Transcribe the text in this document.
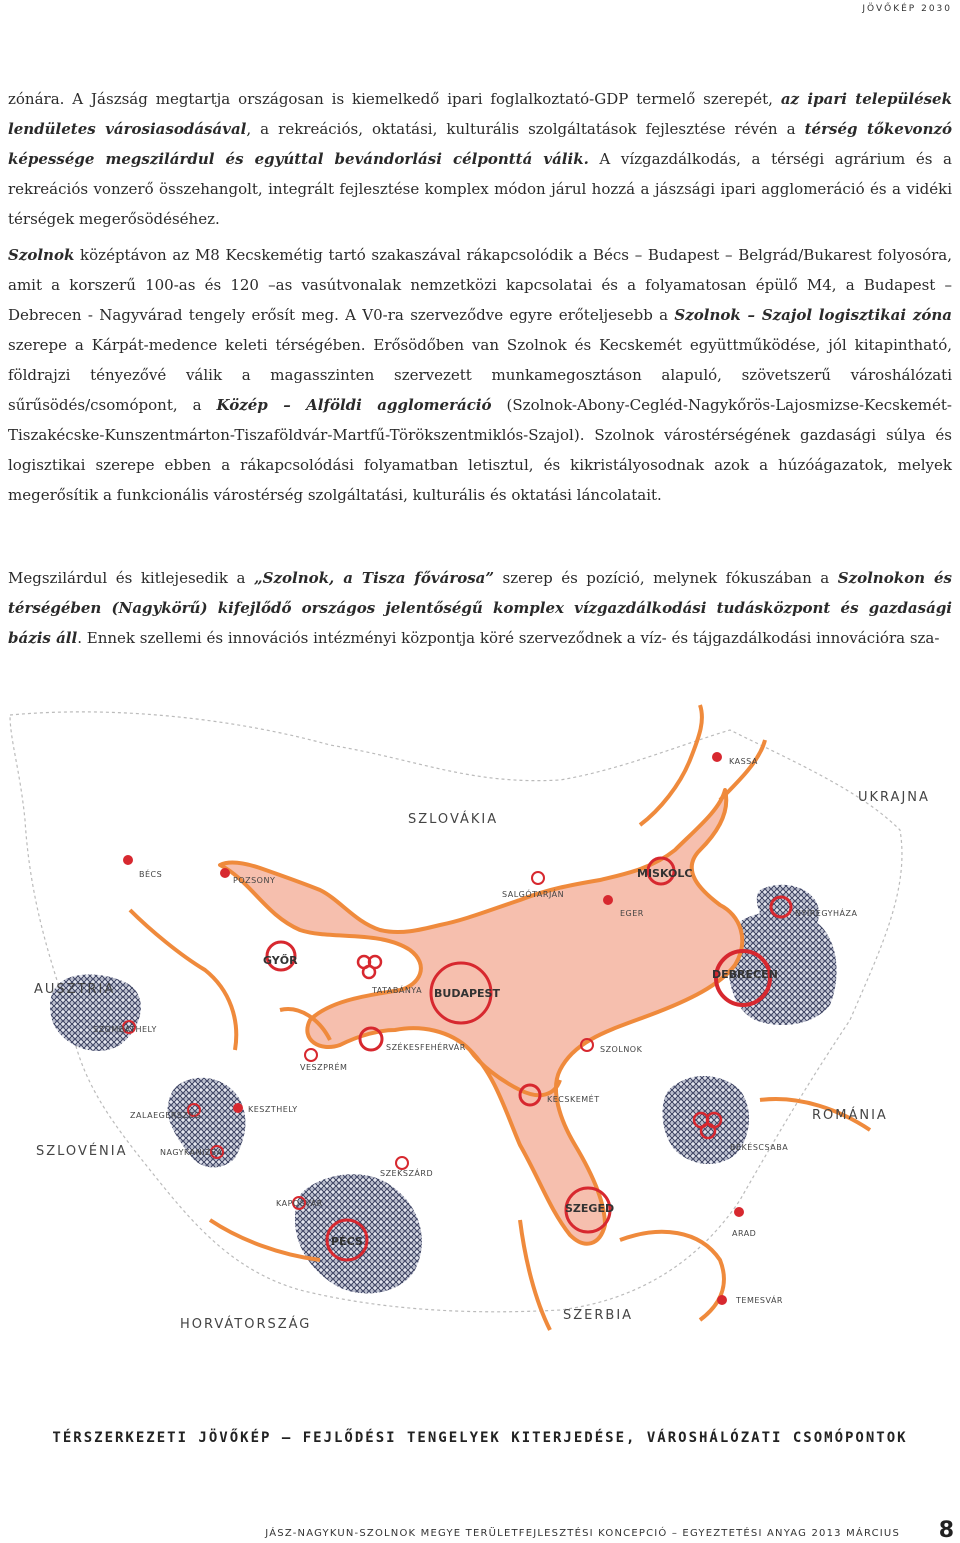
JÖVŐKÉP 2030
zónára. A Jászság megtartja országosan is kiemelkedő ipari foglalkoztató-GDP termelő szerepét, az ipari települések lendületes városiasodásával, a rekreációs, oktatási, kulturális szolgáltatások fejlesztése révén a térség tőkevonzó képessége megszilárdul és egyúttal bevándorlási célponttá válik. A vízgazdálkodás, a térségi agrárium és a rekreációs vonzerő összehangolt, integrált fejlesztése komplex módon járul hozzá a jászsági ipari agglomeráció és a vidéki térségek megerősödéséhez.
Szolnok középtávon az M8 Kecskemétig tartó szakaszával rákapcsolódik a Bécs – Budapest – Belgrád/Bukarest folyosóra, amit a korszerű 100-as és 120 –as vasútvonalak nemzetközi kapcsolatai és a folyamatosan épülő M4, a Budapest – Debrecen - Nagyvárad tengely erősít meg. A V0-ra szerveződve egyre erőteljesebb a Szolnok – Szajol logisztikai zóna szerepe a Kárpát-medence keleti térségében. Erősödőben van Szolnok és Kecskemét együttműködése, jól kitapintható, földrajzi tényezővé válik a magasszinten szervezett munkamegosztáson alapuló, szövetszerű városhálózati sűrűsödés/csomópont, a Közép – Alföldi agglomeráció (Szolnok-Abony-Cegléd-Nagykőrös-Lajosmizse-Kecskemét-Tiszakécske-Kunszentmárton-Tiszaföldvár-Martfű-Törökszentmiklós-Szajol). Szolnok várostérségének gazdasági súlya és logisztikai szerepe ebben a rákapcsolódási folyamatban letisztul, és kikristályosodnak azok a húzóágazatok, melyek megerősítik a funkcionális várostérség szolgáltatási, kulturális és oktatási láncolatait.
Megszilárdul és kitlejesedik a „Szolnok, a Tisza fővárosa” szerep és pozíció, melynek fókuszában a Szolnokon és térségében (Nagykörű) kifejlődő országos jelentőségű komplex vízgazdálkodási tudásközpont és gazdasági bázis áll. Ennek szellemi és innovációs intézményi központja köré szerveződnek a víz- és tájgazdálkodási innovációra sza-
SZLOVÁKIA
UKRAJNA
AUSZTRIA
ROMÁNIA
SZLOVÉNIA
HORVÁTORSZÁG
SZERBIA
KASSA
BÉCS
POZSONY
SALGÓTARJÁN
EGER	NYÍREGYHÁZA
TATABÁNYA
SZOMBATHELY
SZÉKESFEHÉRVÁR	SZOLNOK
VESZPRÉM
KECSKEMÉT
ZALAEGERSZEG
KESZTHELY
NAGYKANIZSA
BÉKÉSCSABA
SZEKSZÁRD
KAPOSVÁR
ARAD
TEMESVÁR
MISKOLC
GYŐR
BUDAPEST
DEBRECEN
SZEGED
PÉCS
TÉRSZERKEZETI JÖVŐKÉP – FEJLŐDÉSI TENGELYEK KITERJEDÉSE, VÁROSHÁLÓZATI CSOMÓPONTOK
JÁSZ-NAGYKUN-SZOLNOK MEGYE TERÜLETFEJLESZTÉSI KONCEPCIÓ – EGYEZTETÉSI ANYAG 2013 MÁRCIUS 8
